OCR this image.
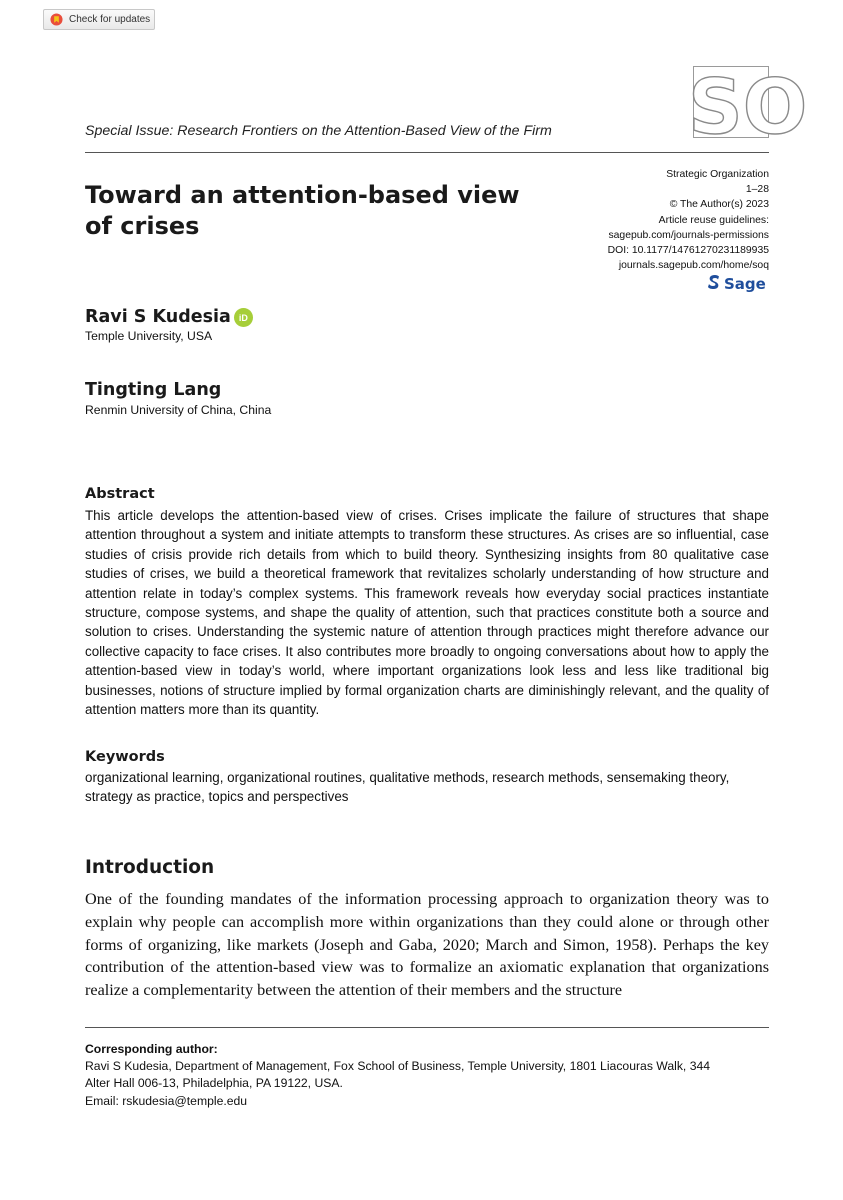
Check for updates
SO
Special Issue: Research Frontiers on the Attention-Based View of the Firm
Toward an attention-based view
of crises
Strategic Organization
1–28
© The Author(s) 2023
Article reuse guidelines:
sagepub.com/journals-permissions
DOI: 10.1177/14761270231189935
journals.sagepub.com/home/soq
Sage
Ravi S Kudesia iD
Temple University, USA
Tingting Lang
Renmin University of China, China
Abstract
This article develops the attention-based view of crises. Crises implicate the failure of structures that shape attention throughout a system and initiate attempts to transform these structures. As crises are so influential, case studies of crisis provide rich details from which to build theory. Synthesizing insights from 80 qualitative case studies of crises, we build a theoretical framework that revitalizes scholarly understanding of how structure and attention relate in today’s complex systems. This framework reveals how everyday social practices instantiate structure, compose systems, and shape the quality of attention, such that practices constitute both a source and solution to crises. Understanding the systemic nature of attention through practices might therefore advance our collective capacity to face crises. It also contributes more broadly to ongoing conversations about how to apply the attention-based view in today’s world, where important organizations look less and less like traditional big businesses, notions of structure implied by formal organization charts are diminishingly relevant, and the quality of attention matters more than its quantity.
Keywords
organizational learning, organizational routines, qualitative methods, research methods, sensemaking theory, strategy as practice, topics and perspectives
Introduction
One of the founding mandates of the information processing approach to organization theory was to explain why people can accomplish more within organizations than they could alone or through other forms of organizing, like markets (Joseph and Gaba, 2020; March and Simon, 1958). Perhaps the key contribution of the attention-based view was to formalize an axiomatic explanation that organizations realize a complementarity between the attention of their members and the structure
Corresponding author:
Ravi S Kudesia, Department of Management, Fox School of Business, Temple University, 1801 Liacouras Walk, 344
Alter Hall 006-13, Philadelphia, PA 19122, USA.
Email: rskudesia@temple.edu
